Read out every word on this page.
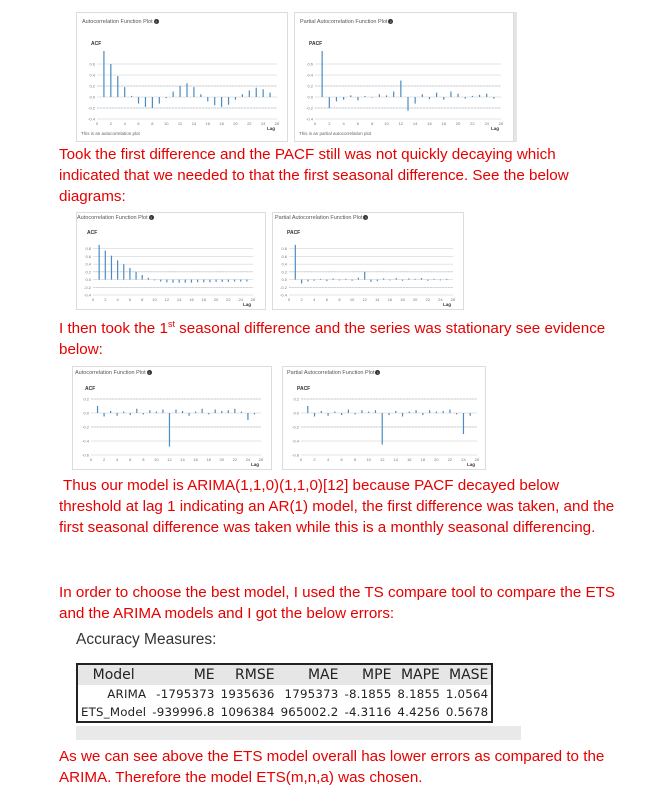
Autocorrelation Function Plot i
ACF
0.6
0.4
0.2
0.0
-0.2
-0.4
0	2	4	6	8	10 12 14 16 18 20 22 24 26
Lag
This is an autocorrelation plot
Partial Autocorrelation Function Plot i
PACF
0.6
0.4
0.2
0.0
-0.2
-0.4
0	2	4	6	8	10 12 14 16 18 20 22 24 26
Lag
This is an partial autocorrelation plot

Took the first difference and the PACF still was not quickly decaying which indicated that we needed to that the first seasonal difference. See the below diagrams:

Autocorrelation Function Plot i
ACF
0.8
0.6
0.4
0.2
0.0
-0.2
-0.4
0	2	4	6	8 10 12 14 16 18 20 22 24 26
Lag
Partial Autocorrelation Function Plot i
PACF
0.8
0.6
0.4
0.2
0.0
-0.2
-0.4
0	2	4	6	8 10 12 14 16 18 20 22 24 26
Lag

I then took the 1st seasonal difference and the series was stationary see evidence below:

Autocorrelation Function Plot i
ACF
0.2
0.0
-0.2
-0.4
-0.6
0	2	4	6	8 10 12 14 16 18 20 22 24 26
Lag
Partial Autocorrelation Function Plot i
PACF
0.2
0.0
-0.2
-0.4
-0.6
0	2	4	6	8	10 12 14 16 18 20 22 24 26
Lag

Thus our model is ARIMA(1,1,0)(1,1,0)[12] because PACF decayed below threshold at lag 1 indicating an AR(1) model, the first difference was taken, and the first seasonal difference was taken while this is a monthly seasonal differencing.

In order to choose the best model, I used the TS compare tool to compare the ETS and the ARIMA models and I got the below errors:

Accuracy Measures:
Model	ME	RMSE	MAE	MPE	MAPE	MASE
ARIMA	-1795373	1935636	1795373	-8.1855	8.1855	1.0564
ETS_Model	-939996.8	1096384	965002.2	-4.3116	4.4256	0.5678

As we can see above the ETS model overall has lower errors as compared to the ARIMA. Therefore the model ETS(m,n,a) was chosen.
